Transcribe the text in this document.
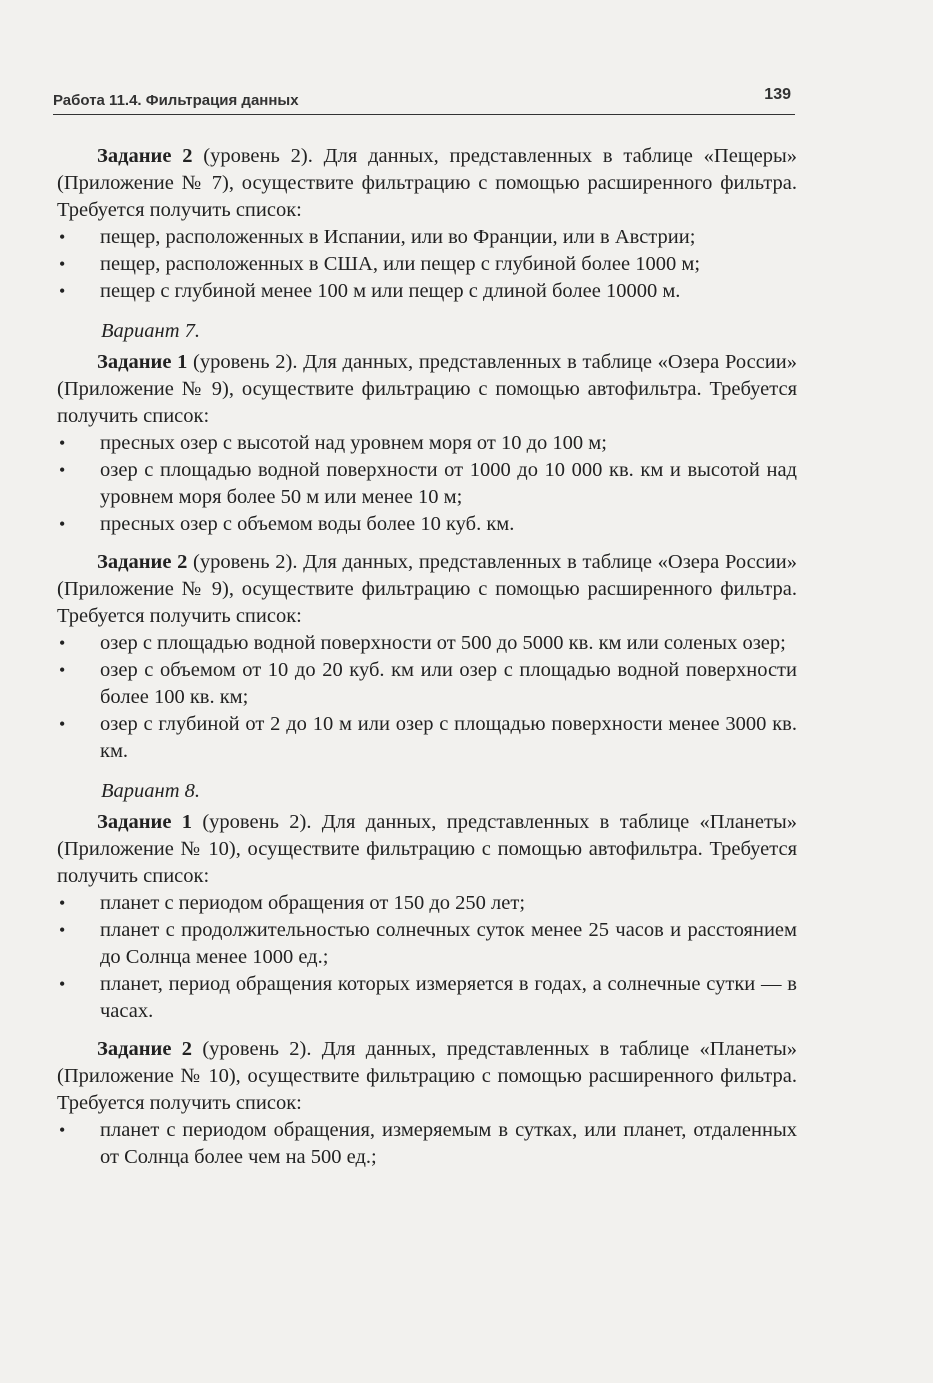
Работа 11.4. Фильтрация данных	139

Задание 2 (уровень 2). Для данных, представленных в таблице «Пещеры» (Приложение № 7), осуществите фильтрацию с помощью расширенного фильтра. Требуется получить список:

• пещер, расположенных в Испании, или во Франции, или в Австрии;
• пещер, расположенных в США, или пещер с глубиной более 1000 м;
• пещер с глубиной менее 100 м или пещер с длиной более 10000 м.
Вариант 7.

Задание 1 (уровень 2). Для данных, представленных в таблице «Озера России» (Приложение № 9), осуществите фильтрацию с помощью автофильтра. Требуется получить список:

• пресных озер с высотой над уровнем моря от 10 до 100 м;
• озер с площадью водной поверхности от 1000 до 10 000 кв. км и высотой над уровнем моря более 50 м или менее 10 м;
• пресных озер с объемом воды более 10 куб. км.

Задание 2 (уровень 2). Для данных, представленных в таблице «Озера России» (Приложение № 9), осуществите фильтрацию с помощью расширенного фильтра. Требуется получить список:

• озер с площадью водной поверхности от 500 до 5000 кв. км или соленых озер;
• озер с объемом от 10 до 20 куб. км или озер с площадью водной поверхности более 100 кв. км;
• озер с глубиной от 2 до 10 м или озер с площадью поверхности менее 3000 кв. км.
Вариант 8.

Задание 1 (уровень 2). Для данных, представленных в таблице «Планеты» (Приложение № 10), осуществите фильтрацию с помощью автофильтра. Требуется получить список:

• планет с периодом обращения от 150 до 250 лет;
• планет с продолжительностью солнечных суток менее 25 часов и расстоянием до Солнца менее 1000 ед.;
• планет, период обращения которых измеряется в годах, а солнечные сутки — в часах.

Задание 2 (уровень 2). Для данных, представленных в таблице «Планеты» (Приложение № 10), осуществите фильтрацию с помощью расширенного фильтра. Требуется получить список:

• планет с периодом обращения, измеряемым в сутках, или планет, отдаленных от Солнца более чем на 500 ед.;
